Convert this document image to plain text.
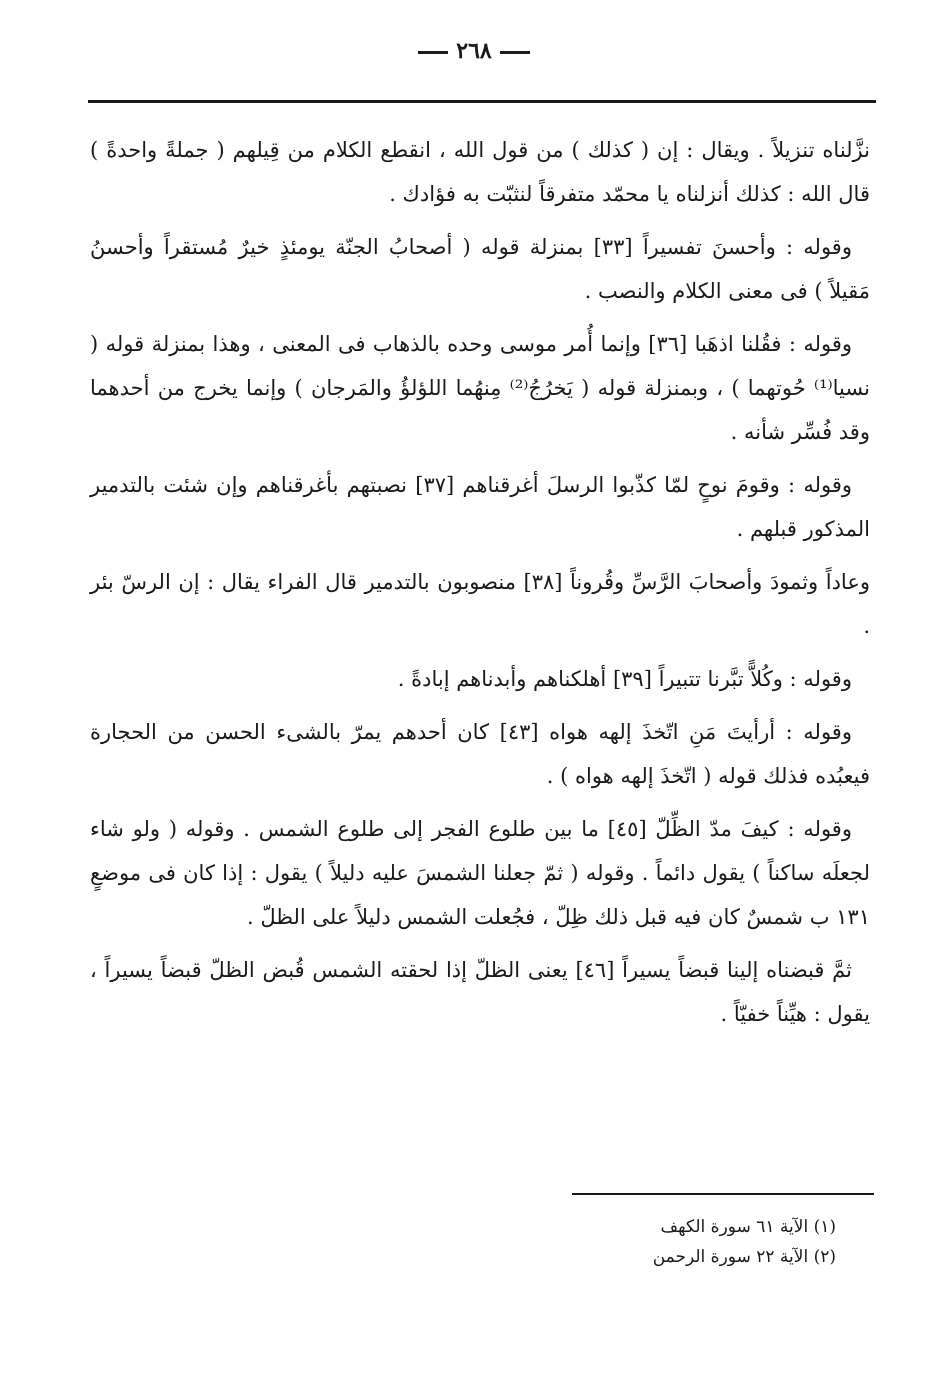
٢٦٨

نزَّلناه تنزيلاً . ويقال : إن ( كذلك ) من قول الله ، انقطع الكلام من قِيلهم ( جملةً واحدةً ) قال الله : كذلك أنزلناه يا محمّد متفرقاً لنثبّت به فؤادك .

وقوله : وأحسنَ تفسيراً [٣٣] بمنزلة قوله ( أصحابُ الجنّة يومئذٍ خيرٌ مُستقراً وأحسنُ مَقيلاً ) فى معنى الكلام والنصب .

وقوله : فقُلنا اذهَبا [٣٦] وإنما أُمر موسى وحده بالذهاب فى المعنى ، وهذا بمنزلة قوله ( نسيا⁽¹⁾ حُوتهما ) ، وبمنزلة قوله ( يَخرُجُ⁽²⁾ مِنهُما اللؤلؤُ والمَرجان ) وإنما يخرج من أحدهما وقد فُسِّر شأنه .

وقوله : وقومَ نوحٍ لمّا كذّبوا الرسلَ أغرقناهم [٣٧] نصبتهم بأغرقناهم وإن شئت بالتدمير المذكور قبلهم .

وعاداً وثمودَ وأصحابَ الرَّسِّ وقُروناً [٣٨] منصوبون بالتدمير قال الفراء يقال : إن الرسّ بئر .

وقوله : وكُلاًّ تبَّرنا تتبيراً [٣٩] أهلكناهم وأبدناهم إبادةً .

وقوله : أرأيتَ مَنِ اتّخذَ إلهه هواه [٤٣] كان أحدهم يمرّ بالشىء الحسن من الحجارة فيعبُده فذلك قوله ( اتّخذَ إلهه هواه ) .

وقوله : كيفَ مدّ الظِّلّ [٤٥] ما بين طلوع الفجر إلى طلوع الشمس . وقوله ( ولو شاء لجعلَه ساكناً ) يقول دائماً . وقوله ( ثمّ جعلنا الشمسَ عليه دليلاً ) يقول : إذا كان فى موضعٍ ١٣١ ب شمسٌ كان فيه قبل ذلك ظِلّ ، فجُعلت الشمس دليلاً على الظلّ .

ثمَّ قبضناه إلينا قبضاً يسيراً [٤٦] يعنى الظلّ إذا لحقته الشمس قُبض الظلّ قبضاً يسيراً ، يقول : هيِّناً خفيّاً .

(١) الآية ٦١ سورة الكهف
(٢) الآية ٢٢ سورة الرحمن
